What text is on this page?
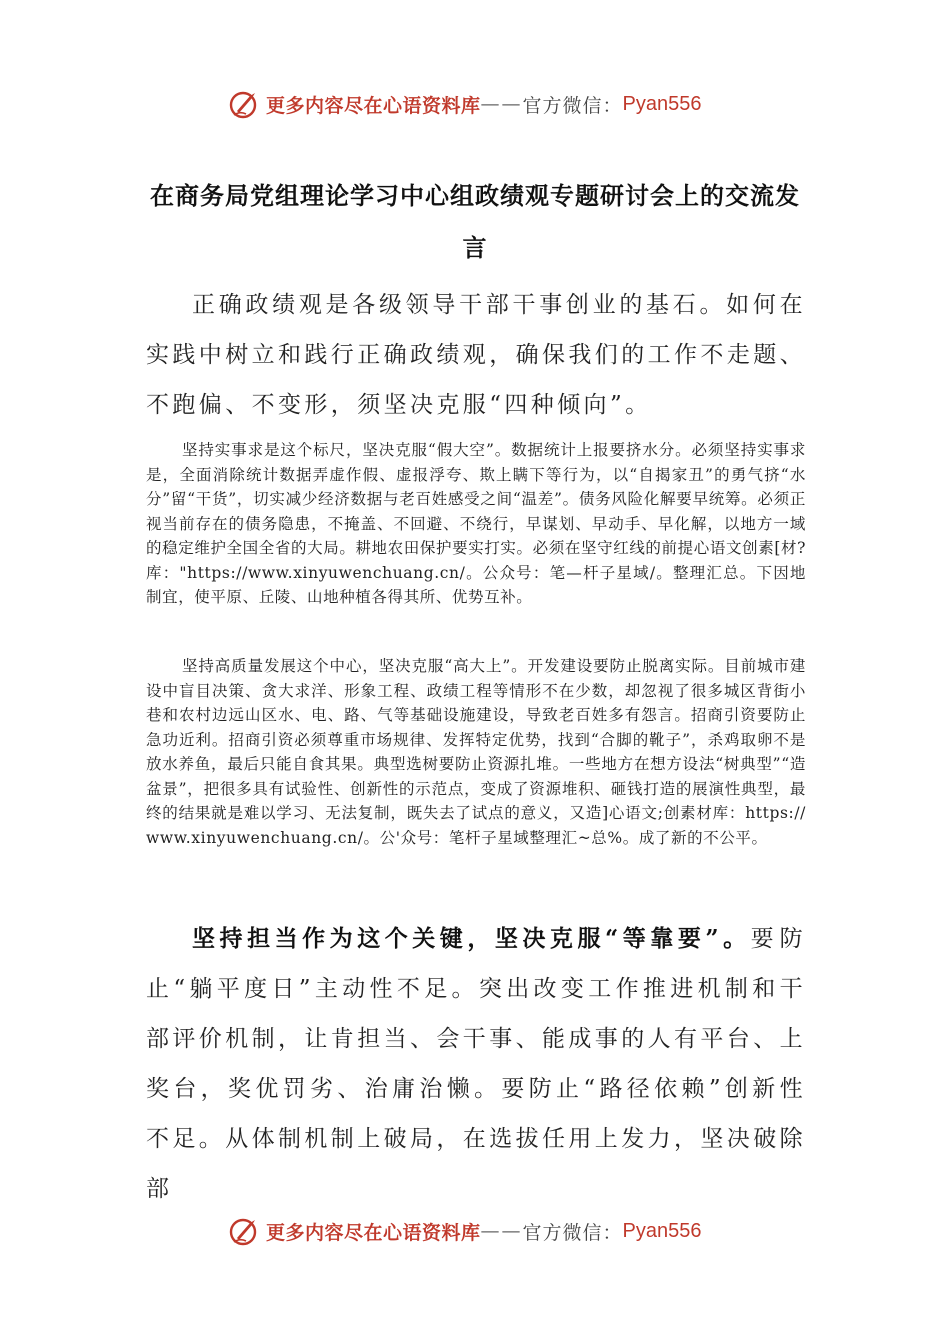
更多内容尽在心语资料库 —— 官方微信： Pyan556
在商务局党组理论学习中心组政绩观专题研讨会上的交流发言

正确政绩观是各级领导干部干事创业的基石。如何在实践中树立和践行正确政绩观，确保我们的工作不走题、不跑偏、不变形，须坚决克服“四种倾向”。

坚持实事求是这个标尺，坚决克服“假大空”。数据统计上报要挤水分。必须坚持实事求是，全面消除统计数据弄虚作假、虚报浮夸、欺上瞒下等行为，以“自揭家丑”的勇气挤“水分”留“干货”，切实减少经济数据与老百姓感受之间“温差”。债务风险化解要早统筹。必须正视当前存在的债务隐患，不掩盖、不回避、不绕行，早谋划、早动手、早化解，以地方一域的稳定维护全国全省的大局。耕地农田保护要实打实。必须在坚守红线的前提心语文创素[材?库："https://www.xinyuwenchuang.cn/。公众号：笔—杆子星域/。整理汇总。下因地制宜，使平原、丘陵、山地种植各得其所、优势互补。

坚持高质量发展这个中心，坚决克服“高大上”。开发建设要防止脱离实际。目前城市建设中盲目决策、贪大求洋、形象工程、政绩工程等情形不在少数，却忽视了很多城区背街小巷和农村边远山区水、电、路、气等基础设施建设，导致老百姓多有怨言。招商引资要防止急功近利。招商引资必须尊重市场规律、发挥特定优势，找到“合脚的靴子”，杀鸡取卵不是放水养鱼，最后只能自食其果。典型选树要防止资源扎堆。一些地方在想方设法“树典型”“造盆景”，把很多具有试验性、创新性的示范点，变成了资源堆积、砸钱打造的展演性典型，最终的结果就是难以学习、无法复制，既失去了试点的意义，又造]心语文;创素材库：https://www.xinyuwenchuang.cn/。公'众号：笔杆子星域整理汇~总%。成了新的不公平。

坚持担当作为这个关键，坚决克服“等靠要”。要防止“躺平度日”主动性不足。突出改变工作推进机制和干部评价机制，让肯担当、会干事、能成事的人有平台、上奖台，奖优罚劣、治庸治懒。要防止“路径依赖”创新性不足。从体制机制上破局，在选拔任用上发力，坚决破除部

更多内容尽在心语资料库 —— 官方微信： Pyan556
